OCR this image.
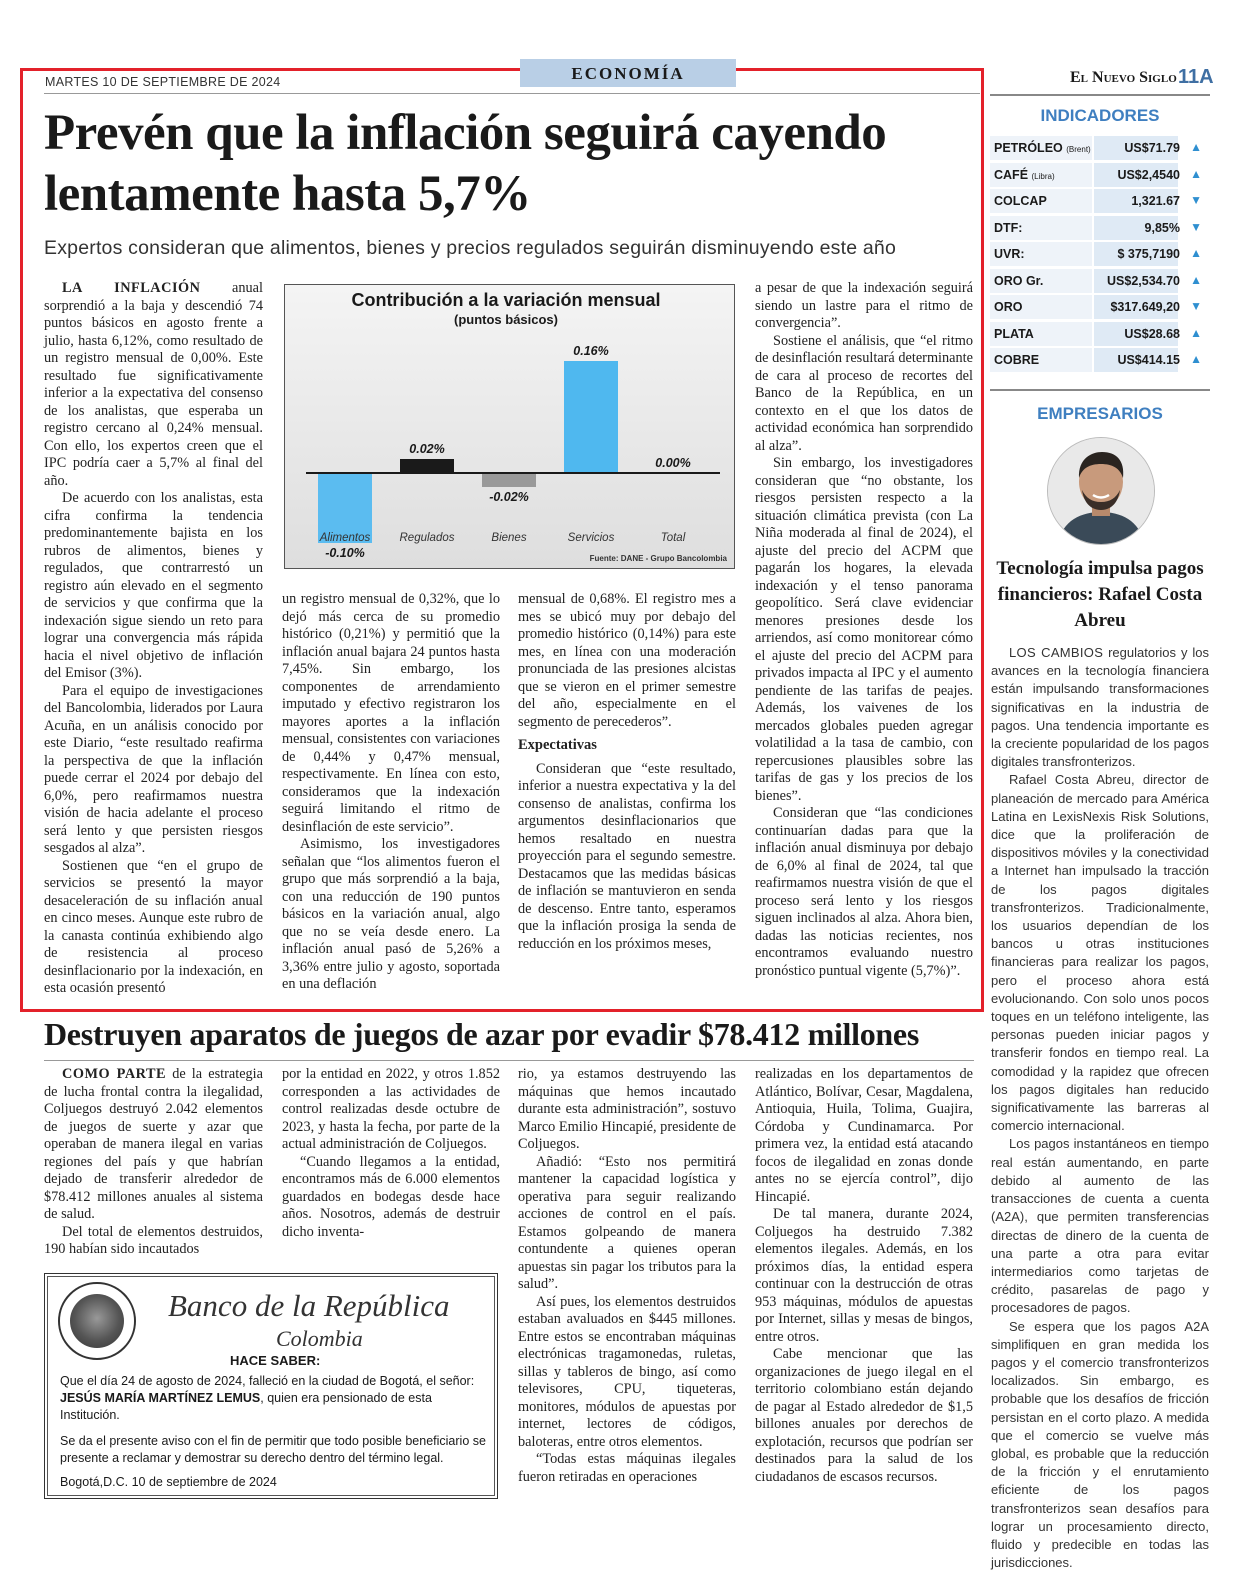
ECONOMÍA
MARTES 10 DE SEPTIEMBRE DE 2024	El Nuevo Siglo 11A
Prevén que la inflación seguirá cayendo lentamente hasta 5,7%
Expertos consideran que alimentos, bienes y precios regulados seguirán disminuyendo este año

LA INFLACIÓN anual sorprendió a la baja y descendió 74 puntos básicos en agosto frente a julio, hasta 6,12%, como resultado de un registro mensual de 0,00%. Este resultado fue significativamente inferior a la expectativa del consenso de los analistas, que esperaba un registro cercano al 0,24% mensual. Con ello, los expertos creen que el IPC podría caer a 5,7% al final del año.

De acuerdo con los analistas, esta cifra confirma la tendencia predominantemente bajista en los rubros de alimentos, bienes y regulados, que contrarrestó un registro aún elevado en el segmento de servicios y que confirma que la indexación sigue siendo un reto para lograr una convergencia más rápida hacia el nivel objetivo de inflación del Emisor (3%).

Para el equipo de investigaciones del Bancolombia, liderados por Laura Acuña, en un análisis conocido por este Diario, “este resultado reafirma la perspectiva de que la inflación puede cerrar el 2024 por debajo del 6,0%, pero reafirmamos nuestra visión de hacia adelante el proceso será lento y que persisten riesgos sesgados al alza”.

Sostienen que “en el grupo de servicios se presentó la mayor desaceleración de su inflación anual en cinco meses. Aunque este rubro de la canasta continúa exhibiendo algo de resistencia al proceso desinflacionario por la indexación, en esta ocasión presentó

Contribución a la variación mensual
(puntos básicos)
-0.10%
Alimentos
0.02%
Regulados
-0.02%
Bienes
0.16%
Servicios
0.00%
Total
Fuente: DANE - Grupo Bancolombia

un registro mensual de 0,32%, que lo dejó más cerca de su promedio histórico (0,21%) y permitió que la inflación anual bajara 24 puntos hasta 7,45%. Sin embargo, los componentes de arrendamiento imputado y efectivo registraron los mayores aportes a la inflación mensual, consistentes con variaciones de 0,44% y 0,47% mensual, respectivamente. En línea con esto, consideramos que la indexación seguirá limitando el ritmo de desinflación de este servicio”.

Asimismo, los investigadores señalan que “los alimentos fueron el grupo que más sorprendió a la baja, con una reducción de 190 puntos básicos en la variación anual, algo que no se veía desde enero. La inflación anual pasó de 5,26% a 3,36% entre julio y agosto, soportada en una deflación

mensual de 0,68%. El registro mes a mes se ubicó muy por debajo del promedio histórico (0,14%) para este mes, en línea con una moderación pronunciada de las presiones alcistas que se vieron en el primer semestre del año, especialmente en el segmento de perecederos”.

Expectativas

Consideran que “este resultado, inferior a nuestra expectativa y la del consenso de analistas, confirma los argumentos desinflacionarios que hemos resaltado en nuestra proyección para el segundo semestre. Destacamos que las medidas básicas de inflación se mantuvieron en senda de descenso. Entre tanto, esperamos que la inflación prosiga la senda de reducción en los próximos meses,

a pesar de que la indexación seguirá siendo un lastre para el ritmo de convergencia”.

Sostiene el análisis, que “el ritmo de desinflación resultará determinante de cara al proceso de recortes del Banco de la República, en un contexto en el que los datos de actividad económica han sorprendido al alza”.

Sin embargo, los investigadores consideran que “no obstante, los riesgos persisten respecto a la situación climática prevista (con La Niña moderada al final de 2024), el ajuste del precio del ACPM que pagarán los hogares, la elevada indexación y el tenso panorama geopolítico. Será clave evidenciar menores presiones desde los arriendos, así como monitorear cómo el ajuste del precio del ACPM para privados impacta al IPC y el aumento pendiente de las tarifas de peajes. Además, los vaivenes de los mercados globales pueden agregar volatilidad a la tasa de cambio, con repercusiones plausibles sobre las tarifas de gas y los precios de los bienes”.

Consideran que “las condiciones continuarían dadas para que la inflación anual disminuya por debajo de 6,0% al final de 2024, tal que reafirmamos nuestra visión de que el proceso será lento y los riesgos siguen inclinados al alza. Ahora bien, dadas las noticias recientes, nos encontramos evaluando nuestro pronóstico puntual vigente (5,7%)”.

INDICADORES
PETRÓLEO (Brent)	US$71.79 ▲
CAFÉ (Libra)	US$2,4540 ▲
COLCAP	1,321.67 ▼
DTF:	9,85% ▼
UVR:	$ 375,7190 ▲
ORO Gr.	US$2,534.70 ▲
ORO	$317.649,20 ▼
PLATA	US$28.68 ▲
COBRE	US$414.15 ▲
EMPRESARIOS
Tecnología impulsa pagos financieros: Rafael Costa Abreu

LOS CAMBIOS regulatorios y los avances en la tecnología financiera están impulsando transformaciones significativas en la industria de pagos. Una tendencia importante es la creciente popularidad de los pagos digitales transfronterizos.

Rafael Costa Abreu, director de planeación de mercado para América Latina en LexisNexis Risk Solutions, dice que la proliferación de dispositivos móviles y la conectividad a Internet han impulsado la tracción de los pagos digitales transfronterizos. Tradicionalmente, los usuarios dependían de los bancos u otras instituciones financieras para realizar los pagos, pero el proceso ahora está evolucionando. Con solo unos pocos toques en un teléfono inteligente, las personas pueden iniciar pagos y transferir fondos en tiempo real. La comodidad y la rapidez que ofrecen los pagos digitales han reducido significativamente las barreras al comercio internacional.

Los pagos instantáneos en tiempo real están aumentando, en parte debido al aumento de las transacciones de cuenta a cuenta (A2A), que permiten transferencias directas de dinero de la cuenta de una parte a otra para evitar intermediarios como tarjetas de crédito, pasarelas de pago y procesadores de pagos.

Se espera que los pagos A2A simplifiquen en gran medida los pagos y el comercio transfronterizos localizados. Sin embargo, es probable que los desafíos de fricción persistan en el corto plazo. A medida que el comercio se vuelve más global, es probable que la reducción de la fricción y el enrutamiento eficiente de los pagos transfronterizos sean desafíos para lograr un procesamiento directo, fluido y predecible en todas las jurisdicciones.

Destruyen aparatos de juegos de azar por evadir $78.412 millones

COMO PARTE de la estrategia de lucha frontal contra la ilegalidad, Coljuegos destruyó 2.042 elementos de juegos de suerte y azar que operaban de manera ilegal en varias regiones del país y que habrían dejado de transferir alrededor de $78.412 millones anuales al sistema de salud.

Del total de elementos destruidos, 190 habían sido incautados

por la entidad en 2022, y otros 1.852 corresponden a las actividades de control realizadas desde octubre de 2023, y hasta la fecha, por parte de la actual administración de Coljuegos.

“Cuando llegamos a la entidad, encontramos más de 6.000 elementos guardados en bodegas desde hace años. Nosotros, además de destruir dicho inventa-

rio, ya estamos destruyendo las máquinas que hemos incautado durante esta administración”, sostuvo Marco Emilio Hincapié, presidente de Coljuegos.

Añadió: “Esto nos permitirá mantener la capacidad logística y operativa para seguir realizando acciones de control en el país. Estamos golpeando de manera contundente a quienes operan apuestas sin pagar los tributos para la salud”.

Así pues, los elementos destruidos estaban avaluados en $445 millones. Entre estos se encontraban máquinas electrónicas tragamonedas, ruletas, sillas y tableros de bingo, así como televisores, CPU, tiqueteras, monitores, módulos de apuestas por internet, lectores de códigos, baloteras, entre otros elementos.

“Todas estas máquinas ilegales fueron retiradas en operaciones

realizadas en los departamentos de Atlántico, Bolívar, Cesar, Magdalena, Antioquia, Huila, Tolima, Guajira, Córdoba y Cundinamarca. Por primera vez, la entidad está atacando focos de ilegalidad en zonas donde antes no se ejercía control”, dijo Hincapié.

De tal manera, durante 2024, Coljuegos ha destruido 7.382 elementos ilegales. Además, en los próximos días, la entidad espera continuar con la destrucción de otras 953 máquinas, módulos de apuestas por Internet, sillas y mesas de bingos, entre otros.

Cabe mencionar que las organizaciones de juego ilegal en el territorio colombiano están dejando de pagar al Estado alrededor de $1,5 billones anuales por derechos de explotación, recursos que podrían ser destinados para la salud de los ciudadanos de escasos recursos.

Banco de la República
Colombia
HACE SABER:
Que el día 24 de agosto de 2024, falleció en la ciudad de Bogotá, el señor: JESÚS MARÍA MARTÍNEZ LEMUS, quien era pensionado de esta Institución.
Se da el presente aviso con el fin de permitir que todo posible beneficiario se presente a reclamar y demostrar su derecho dentro del término legal.
Bogotá,D.C. 10 de septiembre de 2024
